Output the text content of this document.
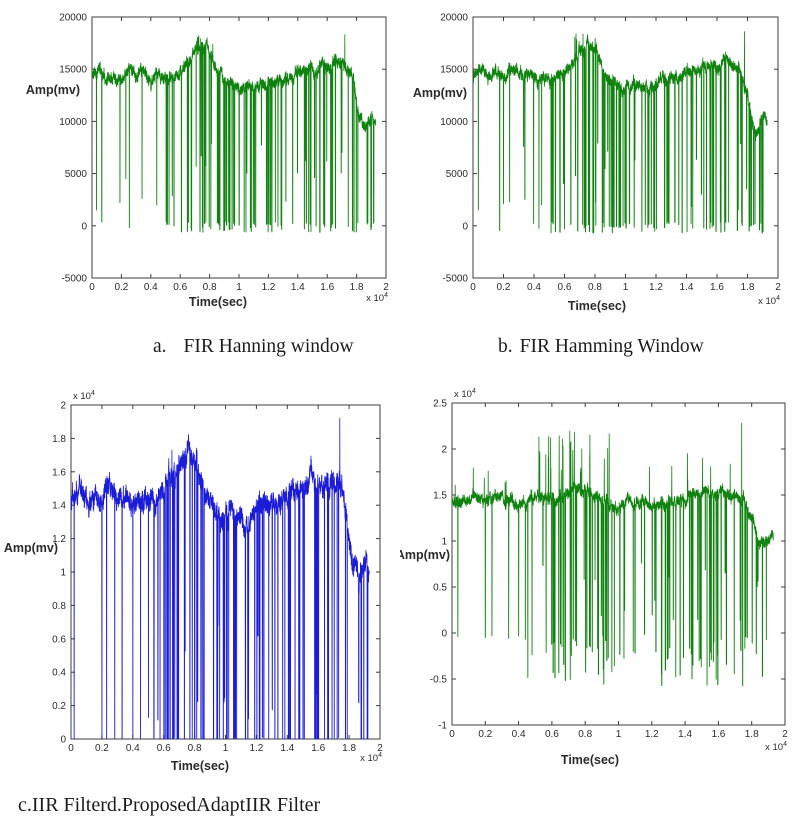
0 0.2 0.4 0.6 0.8 1 1.2 1.4 1.6 1.8 2
-5000
0
5000
10000
15000
20000
x $10^4$
Amp(mv)
Time(sec)
0 0.2 0.4 0.6 0.8 1 1.2 1.4 1.6 1.8 2
-5000
0
5000
10000
15000
20000
x $10^4$
Amp(mv)
Time(sec)
0 0.2 0.4 0.6 0.8 1 1.2 1.4 1.6 1.8 2
0
0.2
0.4
0.6
0.8
1
1.2
1.4
1.6
1.8
2
x $10^4$
x $10^4$
Amp(mv)
Time(sec)
0 0.2 0.4 0.6 0.8 1 1.2 1.4 1.6 1.8 2
-1
-0.5
0
0.5
1
1.5
2
2.5
x $10^4$
x $10^4$
Amp(mv)
Time(sec)
a. FIR Hanning window	b. FIR Hamming Window
c.IIR Filterd.ProposedAdaptIIR Filter
